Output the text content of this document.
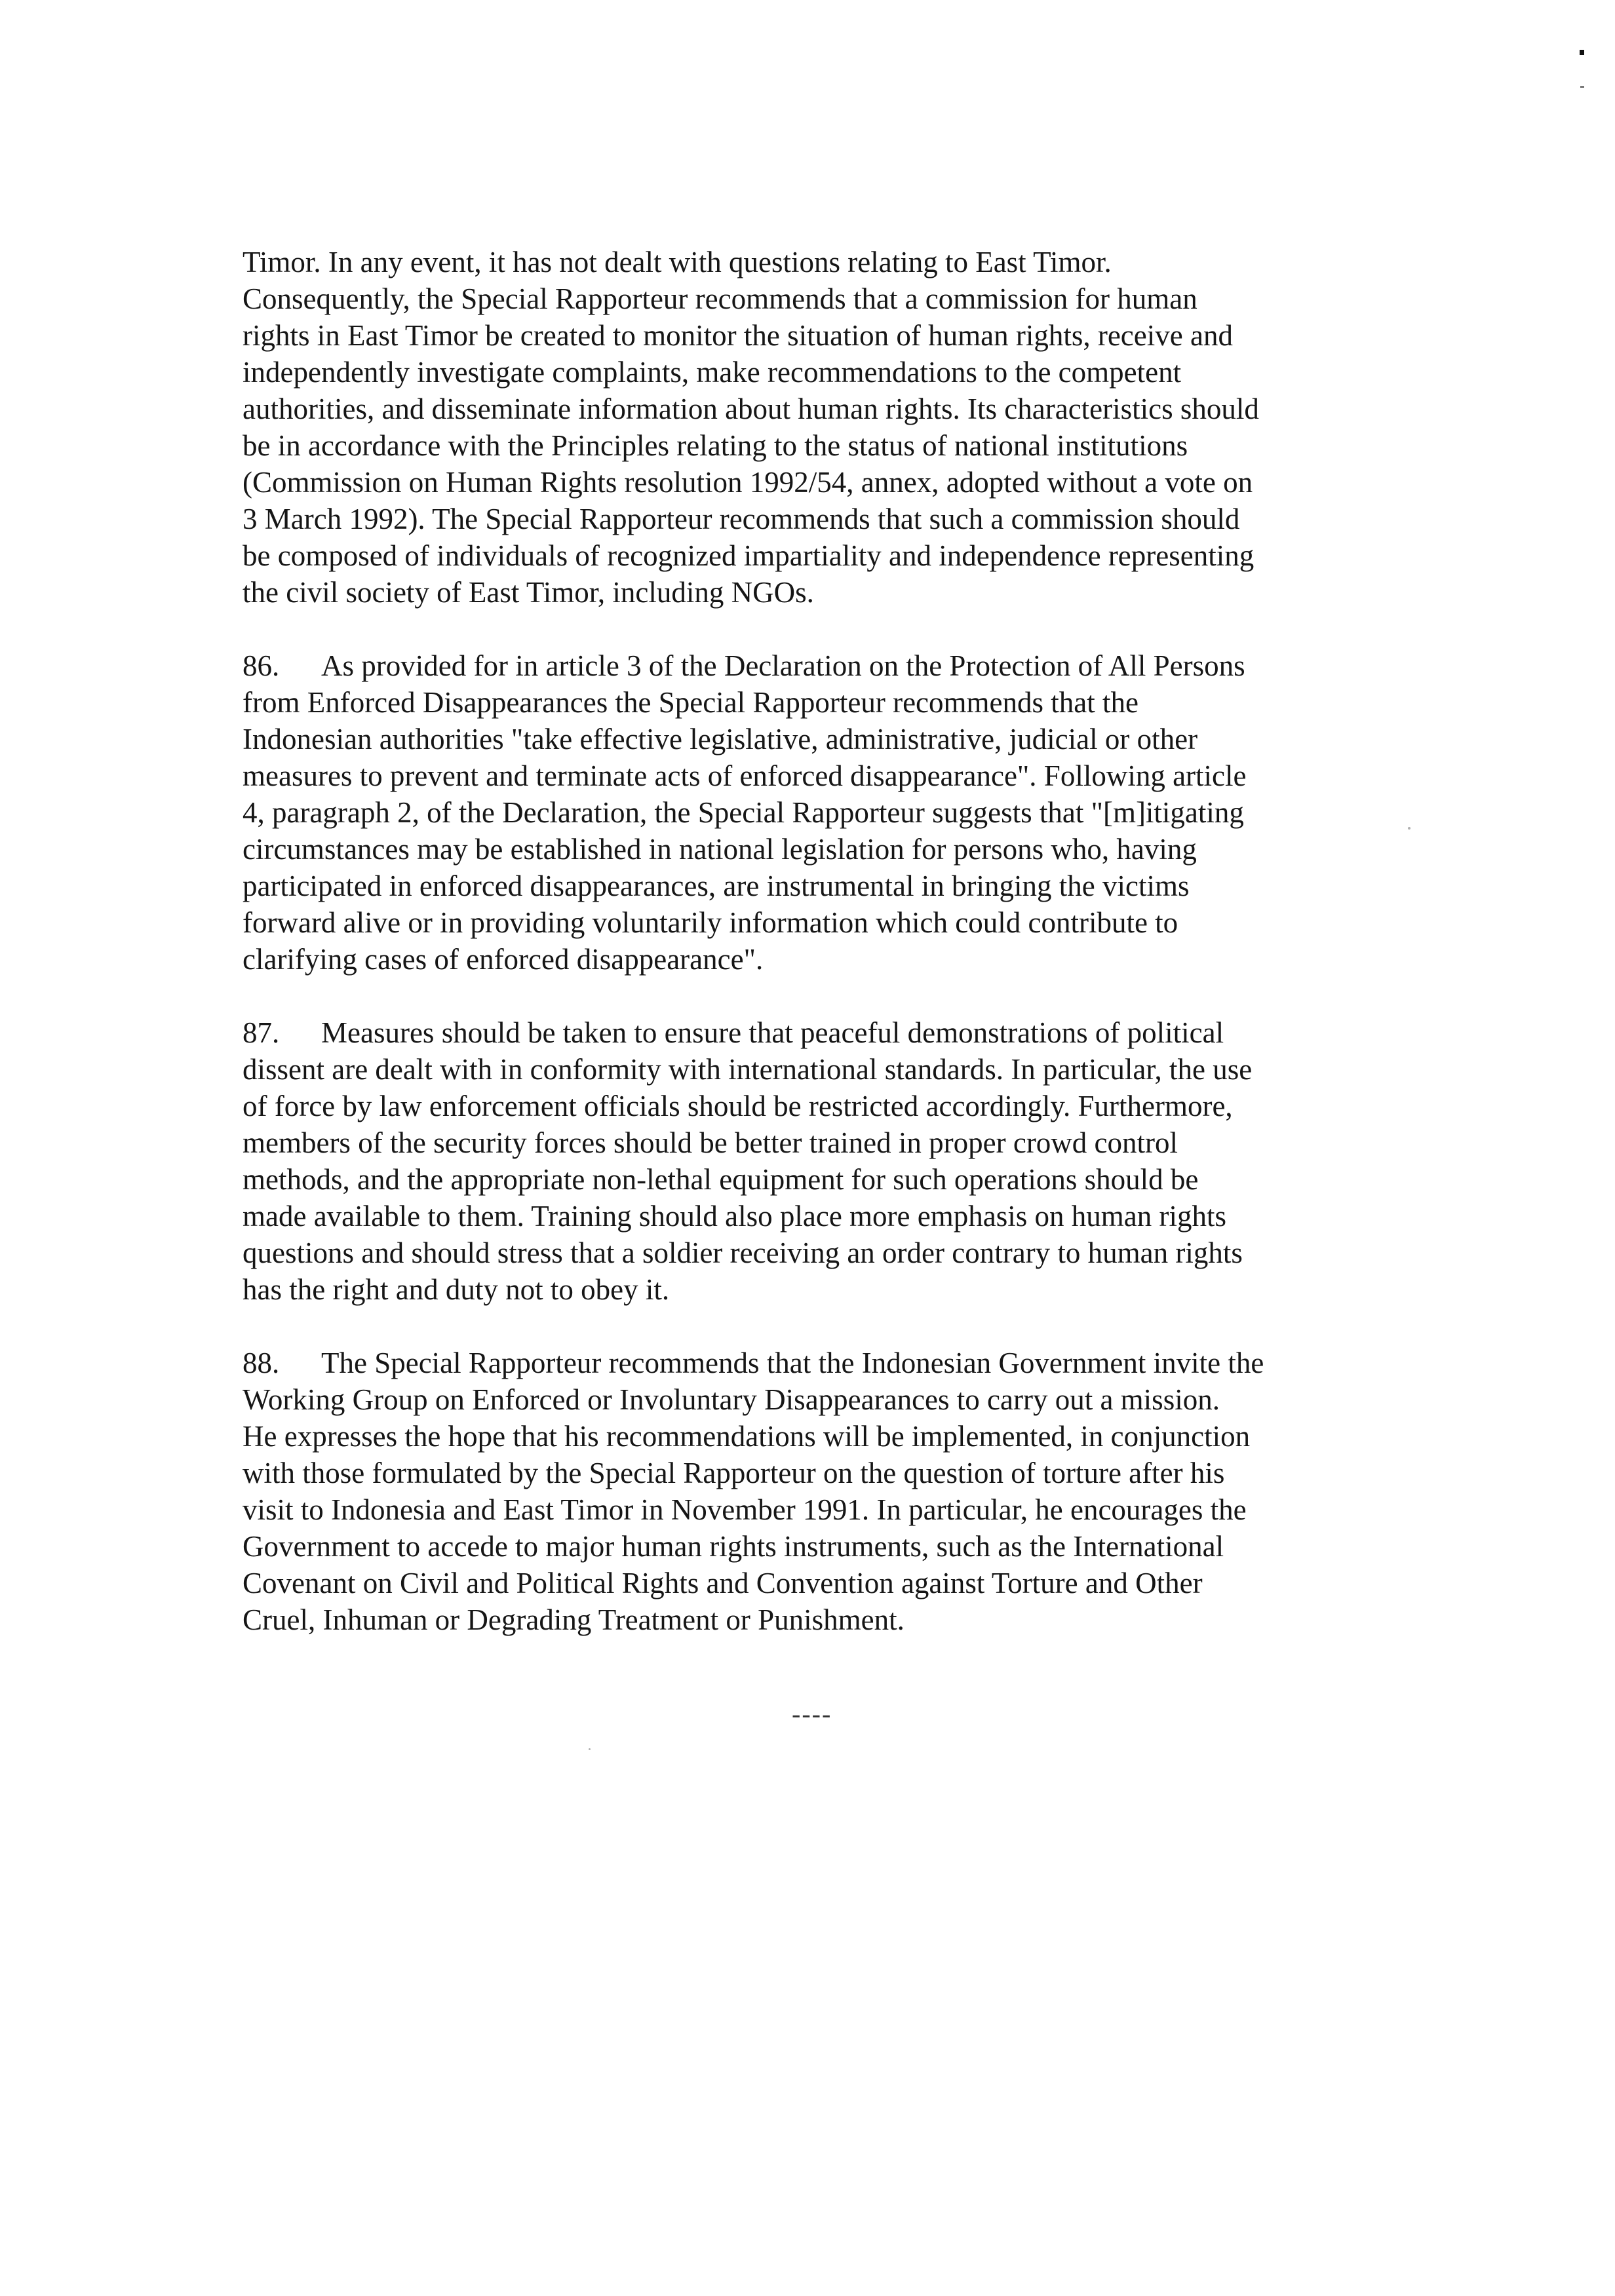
Timor. In any event, it has not dealt with questions relating to East Timor.
Consequently, the Special Rapporteur recommends that a commission for human
rights in East Timor be created to monitor the situation of human rights, receive and
independently investigate complaints, make recommendations to the competent
authorities, and disseminate information about human rights. Its characteristics should
be in accordance with the Principles relating to the status of national institutions
(Commission on Human Rights resolution 1992/54, annex, adopted without a vote on
3 March 1992). The Special Rapporteur recommends that such a commission should
be composed of individuals of recognized impartiality and independence representing
the civil society of East Timor, including NGOs.
86. As provided for in article 3 of the Declaration on the Protection of All Persons
from Enforced Disappearances the Special Rapporteur recommends that the
Indonesian authorities "take effective legislative, administrative, judicial or other
measures to prevent and terminate acts of enforced disappearance". Following article
4, paragraph 2, of the Declaration, the Special Rapporteur suggests that "[m]itigating
circumstances may be established in national legislation for persons who, having
participated in enforced disappearances, are instrumental in bringing the victims
forward alive or in providing voluntarily information which could contribute to
clarifying cases of enforced disappearance".
87. Measures should be taken to ensure that peaceful demonstrations of political
dissent are dealt with in conformity with international standards. In particular, the use
of force by law enforcement officials should be restricted accordingly. Furthermore,
members of the security forces should be better trained in proper crowd control
methods, and the appropriate non-lethal equipment for such operations should be
made available to them. Training should also place more emphasis on human rights
questions and should stress that a soldier receiving an order contrary to human rights
has the right and duty not to obey it.
88. The Special Rapporteur recommends that the Indonesian Government invite the
Working Group on Enforced or Involuntary Disappearances to carry out a mission.
He expresses the hope that his recommendations will be implemented, in conjunction
with those formulated by the Special Rapporteur on the question of torture after his
visit to Indonesia and East Timor in November 1991. In particular, he encourages the
Government to accede to major human rights instruments, such as the International
Covenant on Civil and Political Rights and Convention against Torture and Other
Cruel, Inhuman or Degrading Treatment or Punishment.
----
